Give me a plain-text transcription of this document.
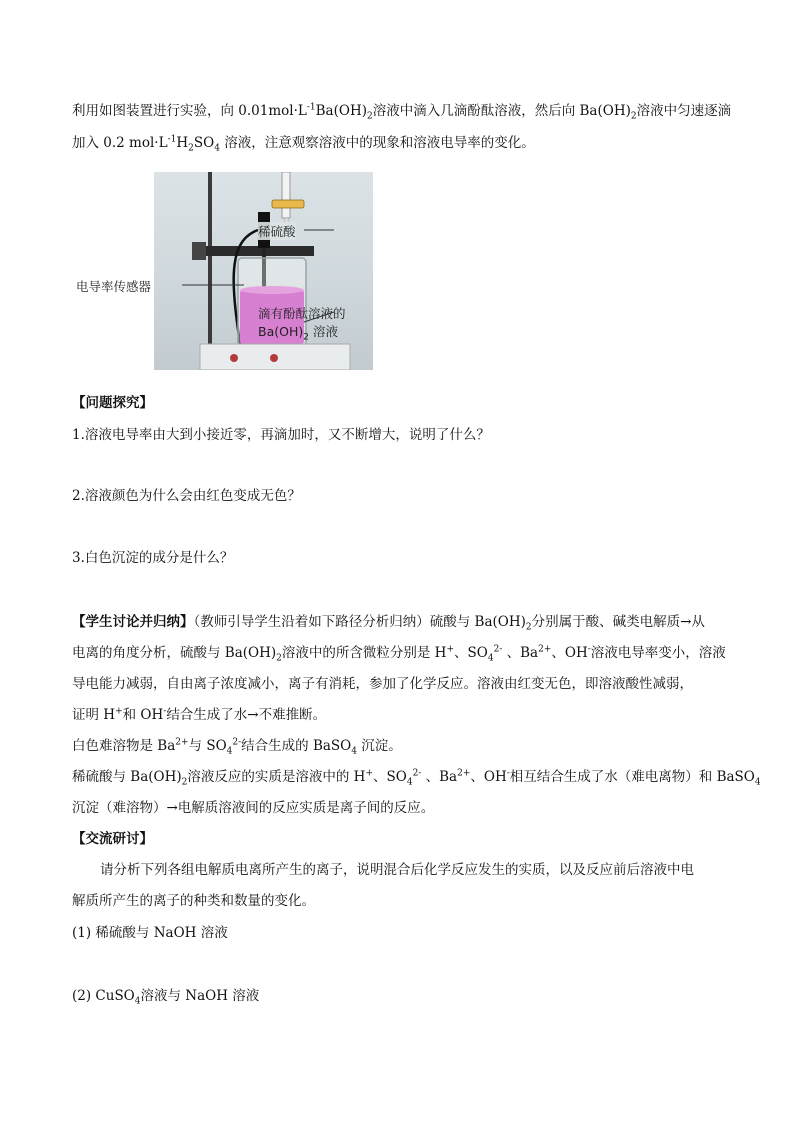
利用如图装置进行实验，向 $0.01mol\cdot L^{-1}Ba(OH)_2$溶液中滴入几滴酚酞溶液，然后向 $Ba(OH)_2$溶液中匀速逐滴
加入 0.2 $mol\cdot L^{-1}H_2SO_4$ 溶液，注意观察溶液中的现象和溶液电导率的变化。
稀硫酸
电导率传感器
滴有酚酞溶液的
$Ba(OH)_2$ 溶液
【问题探究】
1.溶液电导率由大到小接近零，再滴加时，又不断增大，说明了什么？
2.溶液颜色为什么会由红色变成无色？
3.白色沉淀的成分是什么？
【学生讨论并归纳】（教师引导学生沿着如下路径分析归纳）硫酸与 $Ba(OH)_2$分别属于酸、碱类电解质→从
电离的角度分析，硫酸与 $Ba(OH)_2$溶液中的所含微粒分别是 H+、$SO_4^{2-}$ 、$Ba^{2+}$、OH-溶液电导率变小，溶液
导电能力减弱，自由离子浓度减小，离子有消耗，参加了化学反应。溶液由红变无色，即溶液酸性减弱，
证明 H+和 OH-结合生成了水→不难推断。
白色难溶物是 $Ba^{2+}$与 $SO_4^{2-}$结合生成的 BaSO$_4$ 沉淀。
稀硫酸与 $Ba(OH)_2$溶液反应的实质是溶液中的 H+、$SO_4^{2-}$ 、$Ba^{2+}$、OH-相互结合生成了水（难电离物）和 BaSO$_4$
沉淀（难溶物）→电解质溶液间的反应实质是离子间的反应。
【交流研讨】
请分析下列各组电解质电离所产生的离子，说明混合后化学反应发生的实质，以及反应前后溶液中电
解质所产生的离子的种类和数量的变化。
(1) 稀硫酸与 NaOH 溶液
(2) CuSO$_4$溶液与 NaOH 溶液
